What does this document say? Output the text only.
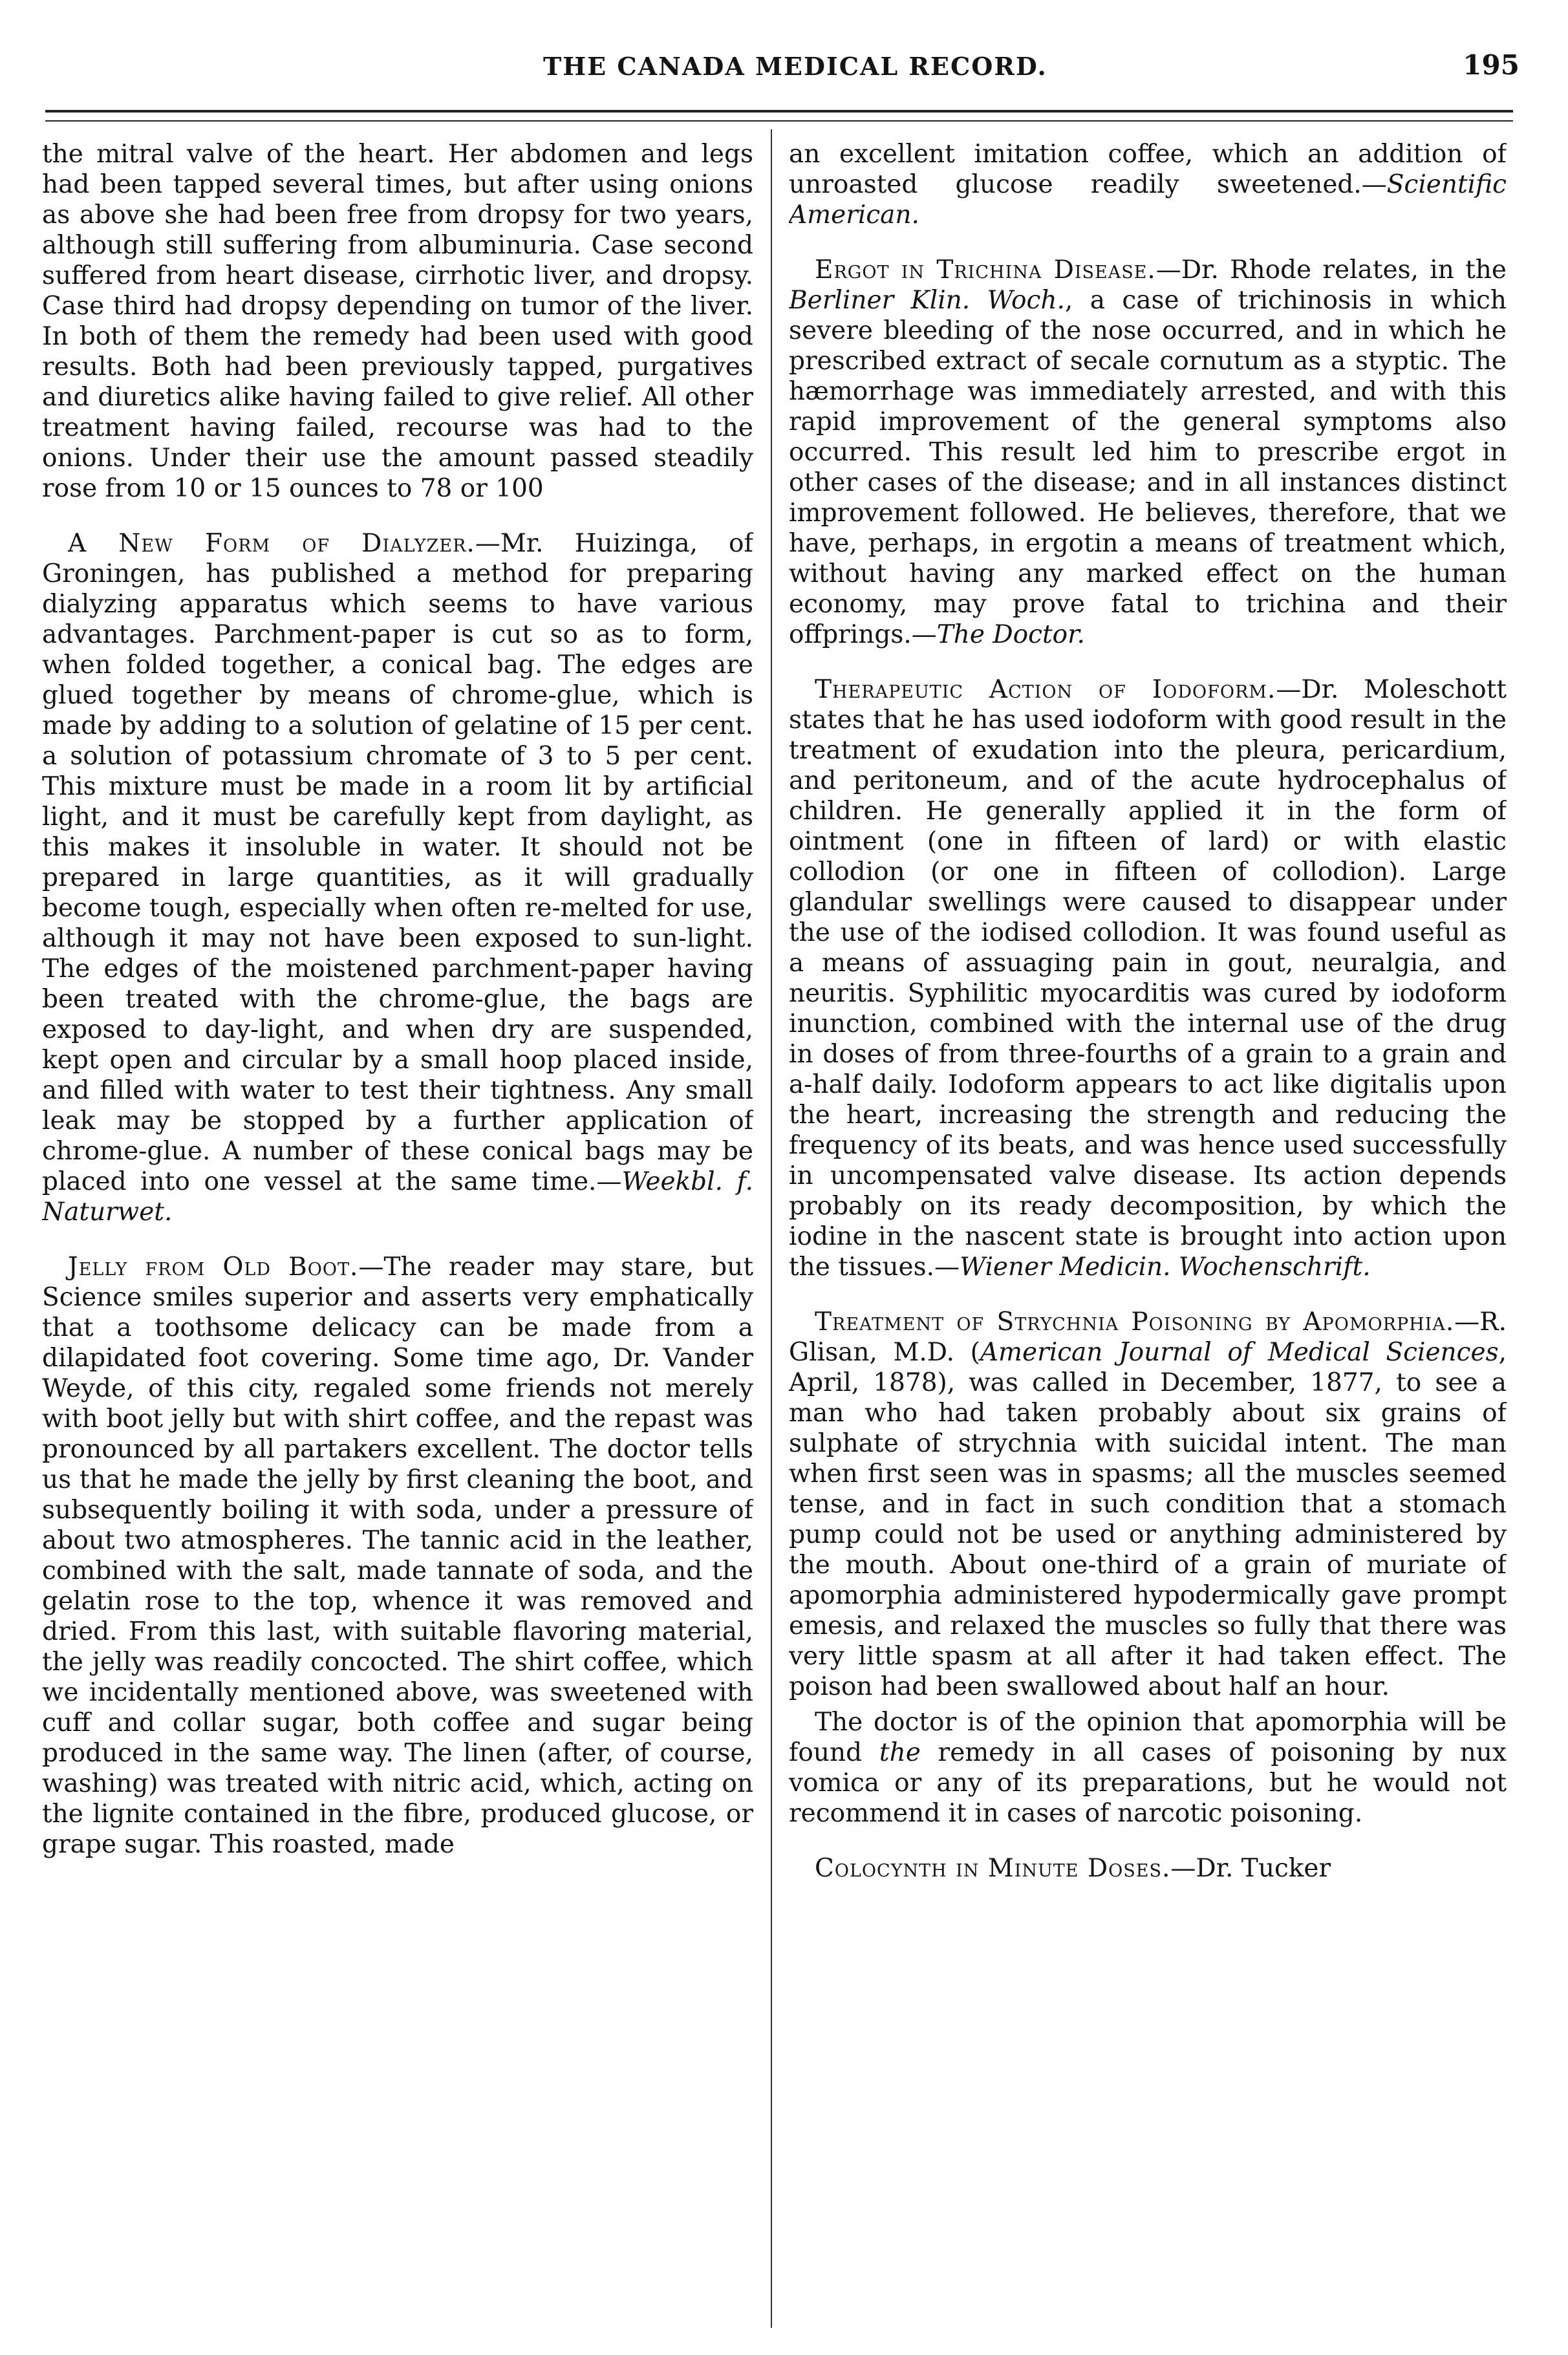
THE CANADA MEDICAL RECORD.	195

the mitral valve of the heart. Her abdomen and legs had been tapped several times, but after using onions as above she had been free from dropsy for two years, although still suffering from albuminuria. Case second suffered from heart disease, cirrhotic liver, and dropsy. Case third had dropsy depending on tumor of the liver. In both of them the remedy had been used with good results. Both had been previously tapped, purgatives and diuretics alike having failed to give relief. All other treatment having failed, recourse was had to the onions. Under their use the amount passed steadily rose from 10 or 15 ounces to 78 or 100

A New Form of Dialyzer.—Mr. Huizinga, of Groningen, has published a method for preparing dialyzing apparatus which seems to have various advantages. Parchment-paper is cut so as to form, when folded together, a conical bag. The edges are glued together by means of chrome-glue, which is made by adding to a solution of gelatine of 15 per cent. a solution of potassium chromate of 3 to 5 per cent. This mixture must be made in a room lit by artificial light, and it must be carefully kept from daylight, as this makes it insoluble in water. It should not be prepared in large quantities, as it will gradually become tough, especially when often re-melted for use, although it may not have been exposed to sun-light. The edges of the moistened parchment-paper having been treated with the chrome-glue, the bags are exposed to day-light, and when dry are suspended, kept open and circular by a small hoop placed inside, and filled with water to test their tightness. Any small leak may be stopped by a further application of chrome-glue. A number of these conical bags may be placed into one vessel at the same time.—Weekbl. f. Naturwet.

Jelly from Old Boot.—The reader may stare, but Science smiles superior and asserts very emphatically that a toothsome delicacy can be made from a dilapidated foot covering. Some time ago, Dr. Vander Weyde, of this city, regaled some friends not merely with boot jelly but with shirt coffee, and the repast was pronounced by all partakers excellent. The doctor tells us that he made the jelly by first cleaning the boot, and subsequently boiling it with soda, under a pressure of about two atmospheres. The tannic acid in the leather, combined with the salt, made tannate of soda, and the gelatin rose to the top, whence it was removed and dried. From this last, with suitable flavoring material, the jelly was readily concocted. The shirt coffee, which we incidentally mentioned above, was sweetened with cuff and collar sugar, both coffee and sugar being produced in the same way. The linen (after, of course, washing) was treated with nitric acid, which, acting on the lignite contained in the fibre, produced glucose, or grape sugar. This roasted, made

an excellent imitation coffee, which an addition of unroasted glucose readily sweetened.—Scientific American.

Ergot in Trichina Disease.—Dr. Rhode relates, in the Berliner Klin. Woch., a case of trichinosis in which severe bleeding of the nose occurred, and in which he prescribed extract of secale cornutum as a styptic. The hæmorrhage was immediately arrested, and with this rapid improvement of the general symptoms also occurred. This result led him to prescribe ergot in other cases of the disease; and in all instances distinct improvement followed. He believes, therefore, that we have, perhaps, in ergotin a means of treatment which, without having any marked effect on the human economy, may prove fatal to trichina and their offprings.—The Doctor.

Therapeutic Action of Iodoform.—Dr. Moleschott states that he has used iodoform with good result in the treatment of exudation into the pleura, pericardium, and peritoneum, and of the acute hydrocephalus of children. He generally applied it in the form of ointment (one in fifteen of lard) or with elastic collodion (or one in fifteen of collodion). Large glandular swellings were caused to disappear under the use of the iodised collodion. It was found useful as a means of assuaging pain in gout, neuralgia, and neuritis. Syphilitic myocarditis was cured by iodoform inunction, combined with the internal use of the drug in doses of from three-fourths of a grain to a grain and a-half daily. Iodoform appears to act like digitalis upon the heart, increasing the strength and reducing the frequency of its beats, and was hence used successfully in uncompensated valve disease. Its action depends probably on its ready decomposition, by which the iodine in the nascent state is brought into action upon the tissues.—Wiener Medicin. Wochenschrift.

Treatment of Strychnia Poisoning by Apomorphia.—R. Glisan, M.D. (American Journal of Medical Sciences, April, 1878), was called in December, 1877, to see a man who had taken probably about six grains of sulphate of strychnia with suicidal intent. The man when first seen was in spasms; all the muscles seemed tense, and in fact in such condition that a stomach pump could not be used or anything administered by the mouth. About one-third of a grain of muriate of apomorphia administered hypodermically gave prompt emesis, and relaxed the muscles so fully that there was very little spasm at all after it had taken effect. The poison had been swallowed about half an hour.

The doctor is of the opinion that apomorphia will be found the remedy in all cases of poisoning by nux vomica or any of its preparations, but he would not recommend it in cases of narcotic poisoning.

Colocynth in Minute Doses.—Dr. Tucker
